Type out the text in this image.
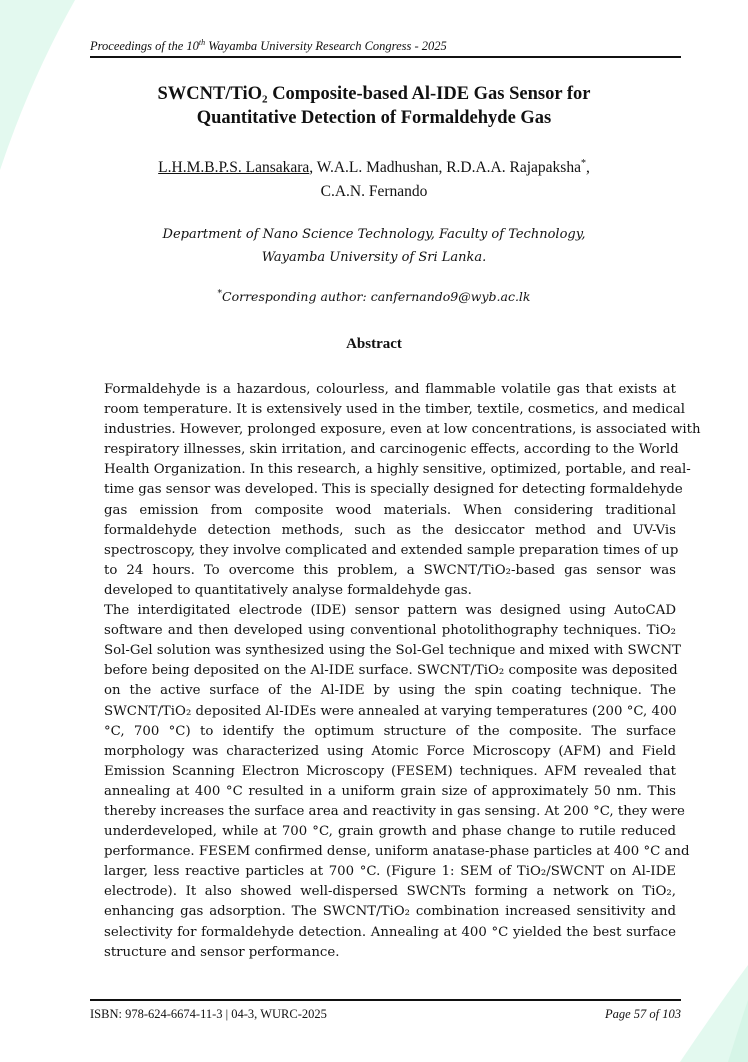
Proceedings of the 10th Wayamba University Research Congress - 2025
SWCNT/TiO₂ Composite-based Al-IDE Gas Sensor for
Quantitative Detection of Formaldehyde Gas
L.H.M.B.P.S. Lansakara, W.A.L. Madhushan, R.D.A.A. Rajapaksha*,
C.A.N. Fernando
Department of Nano Science Technology, Faculty of Technology,
Wayamba University of Sri Lanka.
*Corresponding author: canfernando9@wyb.ac.lk
Abstract
Formaldehyde is a hazardous, colourless, and flammable volatile gas that exists at
room temperature. It is extensively used in the timber, textile, cosmetics, and medical
industries. However, prolonged exposure, even at low concentrations, is associated with
respiratory illnesses, skin irritation, and carcinogenic effects, according to the World
Health Organization. In this research, a highly sensitive, optimized, portable, and real-
time gas sensor was developed. This is specially designed for detecting formaldehyde
gas emission from composite wood materials. When considering traditional
formaldehyde detection methods, such as the desiccator method and UV-Vis
spectroscopy, they involve complicated and extended sample preparation times of up
to 24 hours. To overcome this problem, a SWCNT/TiO₂-based gas sensor was
developed to quantitatively analyse formaldehyde gas.
The interdigitated electrode (IDE) sensor pattern was designed using AutoCAD
software and then developed using conventional photolithography techniques. TiO₂
Sol-Gel solution was synthesized using the Sol-Gel technique and mixed with SWCNT
before being deposited on the Al-IDE surface. SWCNT/TiO₂ composite was deposited
on the active surface of the Al-IDE by using the spin coating technique. The
SWCNT/TiO₂ deposited Al-IDEs were annealed at varying temperatures (200 °C, 400
°C, 700 °C) to identify the optimum structure of the composite. The surface
morphology was characterized using Atomic Force Microscopy (AFM) and Field
Emission Scanning Electron Microscopy (FESEM) techniques. AFM revealed that
annealing at 400 °C resulted in a uniform grain size of approximately 50 nm. This
thereby increases the surface area and reactivity in gas sensing. At 200 °C, they were
underdeveloped, while at 700 °C, grain growth and phase change to rutile reduced
performance. FESEM confirmed dense, uniform anatase-phase particles at 400 °C and
larger, less reactive particles at 700 °C. (Figure 1: SEM of TiO₂/SWCNT on Al-IDE
electrode). It also showed well-dispersed SWCNTs forming a network on TiO₂,
enhancing gas adsorption. The SWCNT/TiO₂ combination increased sensitivity and
selectivity for formaldehyde detection. Annealing at 400 °C yielded the best surface
structure and sensor performance.
ISBN: 978-624-6674-11-3 | 04-3, WURC-2025	Page 57 of 103
